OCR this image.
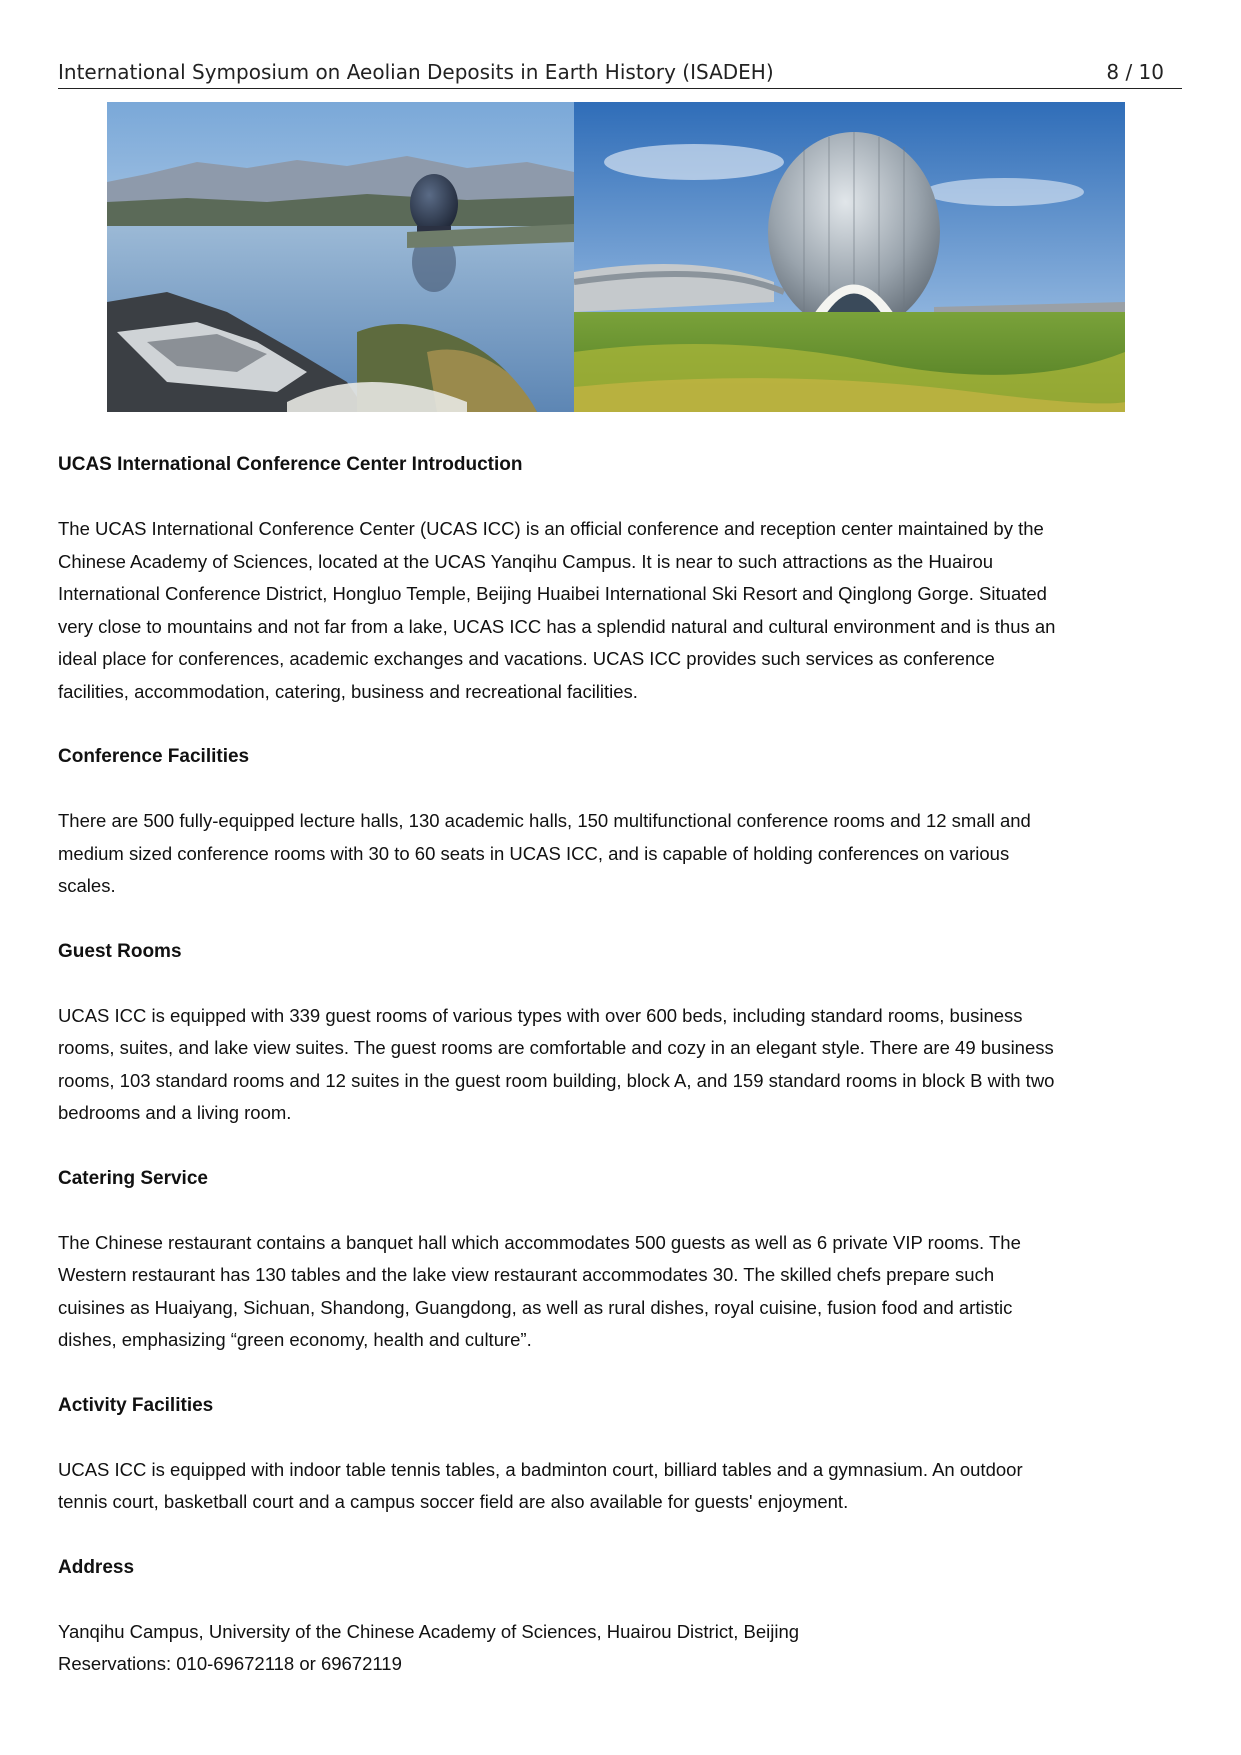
International Symposium on Aeolian Deposits in Earth History (ISADEH)	8 / 10
UCAS International Conference Center Introduction

The UCAS International Conference Center (UCAS ICC) is an official conference and reception center maintained by the
Chinese Academy of Sciences, located at the UCAS Yanqihu Campus. It is near to such attractions as the Huairou
International Conference District, Hongluo Temple, Beijing Huaibei International Ski Resort and Qinglong Gorge. Situated
very close to mountains and not far from a lake, UCAS ICC has a splendid natural and cultural environment and is thus an
ideal place for conferences, academic exchanges and vacations. UCAS ICC provides such services as conference
facilities, accommodation, catering, business and recreational facilities.

Conference Facilities

There are 500 fully-equipped lecture halls, 130 academic halls, 150 multifunctional conference rooms and 12 small and
medium sized conference rooms with 30 to 60 seats in UCAS ICC, and is capable of holding conferences on various
scales.

Guest Rooms

UCAS ICC is equipped with 339 guest rooms of various types with over 600 beds, including standard rooms, business
rooms, suites, and lake view suites. The guest rooms are comfortable and cozy in an elegant style. There are 49 business
rooms, 103 standard rooms and 12 suites in the guest room building, block A, and 159 standard rooms in block B with two
bedrooms and a living room.

Catering Service

The Chinese restaurant contains a banquet hall which accommodates 500 guests as well as 6 private VIP rooms. The
Western restaurant has 130 tables and the lake view restaurant accommodates 30. The skilled chefs prepare such
cuisines as Huaiyang, Sichuan, Shandong, Guangdong, as well as rural dishes, royal cuisine, fusion food and artistic
dishes, emphasizing “green economy, health and culture”.

Activity Facilities

UCAS ICC is equipped with indoor table tennis tables, a badminton court, billiard tables and a gymnasium. An outdoor
tennis court, basketball court and a campus soccer field are also available for guests' enjoyment.

Address

Yanqihu Campus, University of the Chinese Academy of Sciences, Huairou District, Beijing
Reservations: 010-69672118 or 69672119
